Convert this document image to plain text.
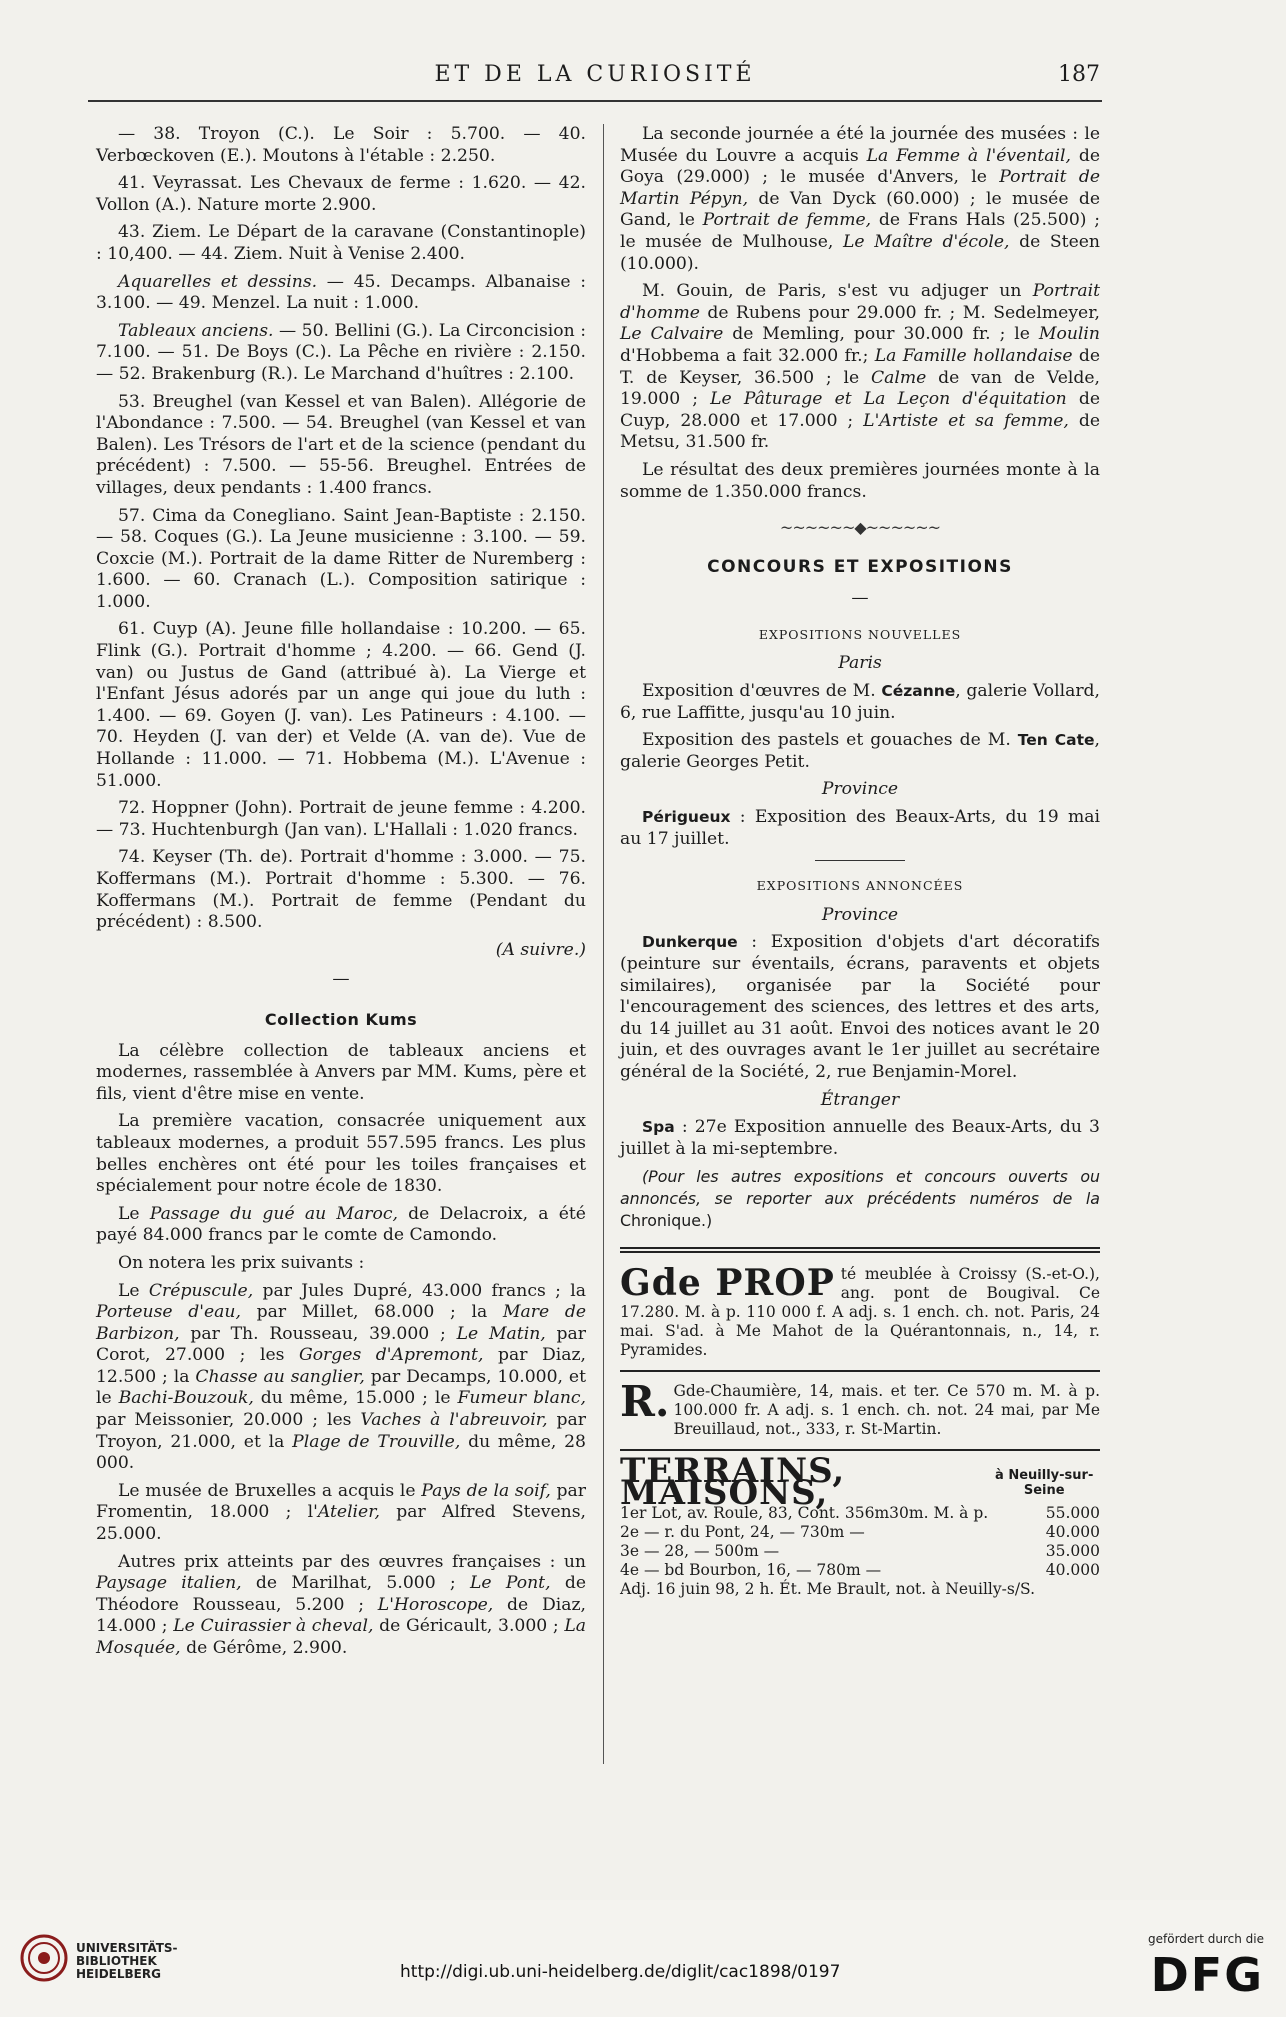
ET DE LA CURIOSITÉ	187

— 38. Troyon (C.). Le Soir : 5.700. — 40. Verbœckoven (E.). Moutons à l'étable : 2.250.

41. Veyrassat. Les Chevaux de ferme : 1.620. — 42. Vollon (A.). Nature morte 2.900.

43. Ziem. Le Départ de la caravane (Constantinople) : 10,400. — 44. Ziem. Nuit à Venise 2.400.

Aquarelles et dessins. — 45. Decamps. Albanaise : 3.100. — 49. Menzel. La nuit : 1.000.

Tableaux anciens. — 50. Bellini (G.). La Circoncision : 7.100. — 51. De Boys (C.). La Pêche en rivière : 2.150. — 52. Brakenburg (R.). Le Marchand d'huîtres : 2.100.

53. Breughel (van Kessel et van Balen). Allégorie de l'Abondance : 7.500. — 54. Breughel (van Kessel et van Balen). Les Trésors de l'art et de la science (pendant du précédent) : 7.500. — 55-56. Breughel. Entrées de villages, deux pendants : 1.400 francs.

57. Cima da Conegliano. Saint Jean-Baptiste : 2.150. — 58. Coques (G.). La Jeune musicienne : 3.100. — 59. Coxcie (M.). Portrait de la dame Ritter de Nuremberg : 1.600. — 60. Cranach (L.). Composition satirique : 1.000.

61. Cuyp (A). Jeune fille hollandaise : 10.200. — 65. Flink (G.). Portrait d'homme ; 4.200. — 66. Gend (J. van) ou Justus de Gand (attribué à). La Vierge et l'Enfant Jésus adorés par un ange qui joue du luth : 1.400. — 69. Goyen (J. van). Les Patineurs : 4.100. — 70. Heyden (J. van der) et Velde (A. van de). Vue de Hollande : 11.000. — 71. Hobbema (M.). L'Avenue : 51.000.

72. Hoppner (John). Portrait de jeune femme : 4.200. — 73. Huchtenburgh (Jan van). L'Hallali : 1.020 francs.

74. Keyser (Th. de). Portrait d'homme : 3.000. — 75. Koffermans (M.). Portrait d'homme : 5.300. — 76. Koffermans (M.). Portrait de femme (Pendant du précédent) : 8.500.

(A suivre.)

—
Collection Kums

La célèbre collection de tableaux anciens et modernes, rassemblée à Anvers par MM. Kums, père et fils, vient d'être mise en vente.

La première vacation, consacrée uniquement aux tableaux modernes, a produit 557.595 francs. Les plus belles enchères ont été pour les toiles françaises et spécialement pour notre école de 1830.

Le Passage du gué au Maroc, de Delacroix, a été payé 84.000 francs par le comte de Camondo.

On notera les prix suivants :

Le Crépuscule, par Jules Dupré, 43.000 francs ; la Porteuse d'eau, par Millet, 68.000 ; la Mare de Barbizon, par Th. Rousseau, 39.000 ; Le Matin, par Corot, 27.000 ; les Gorges d'Apremont, par Diaz, 12.500 ; la Chasse au sanglier, par Decamps, 10.000, et le Bachi-Bouzouk, du même, 15.000 ; le Fumeur blanc, par Meissonier, 20.000 ; les Vaches à l'abreuvoir, par Troyon, 21.000, et la Plage de Trouville, du même, 28 000.

Le musée de Bruxelles a acquis le Pays de la soif, par Fromentin, 18.000 ; l'Atelier, par Alfred Stevens, 25.000.

Autres prix atteints par des œuvres françaises : un Paysage italien, de Marilhat, 5.000 ; Le Pont, de Théodore Rousseau, 5.200 ; L'Horoscope, de Diaz, 14.000 ; Le Cuirassier à cheval, de Géricault, 3.000 ; La Mosquée, de Gérôme, 2.900.

La seconde journée a été la journée des musées : le Musée du Louvre a acquis La Femme à l'éventail, de Goya (29.000) ; le musée d'Anvers, le Portrait de Martin Pépyn, de Van Dyck (60.000) ; le musée de Gand, le Portrait de femme, de Frans Hals (25.500) ; le musée de Mulhouse, Le Maître d'école, de Steen (10.000).

M. Gouin, de Paris, s'est vu adjuger un Portrait d'homme de Rubens pour 29.000 fr. ; M. Sedelmeyer, Le Calvaire de Memling, pour 30.000 fr. ; le Moulin d'Hobbema a fait 32.000 fr.; La Famille hollandaise de T. de Keyser, 36.500 ; le Calme de van de Velde, 19.000 ; Le Pâturage et La Leçon d'équitation de Cuyp, 28.000 et 17.000 ; L'Artiste et sa femme, de Metsu, 31.500 fr.

Le résultat des deux premières journées monte à la somme de 1.350.000 francs.

~~~~~~◆~~~~~~
CONCOURS ET EXPOSITIONS
—
EXPOSITIONS NOUVELLES
Paris

Exposition d'œuvres de M. Cézanne, galerie Vollard, 6, rue Laffitte, jusqu'au 10 juin.

Exposition des pastels et gouaches de M. Ten Cate, galerie Georges Petit.

Province

Périgueux : Exposition des Beaux-Arts, du 19 mai au 17 juillet.

EXPOSITIONS ANNONCÉES
Province

Dunkerque : Exposition d'objets d'art décoratifs (peinture sur éventails, écrans, paravents et objets similaires), organisée par la Société pour l'encouragement des sciences, des lettres et des arts, du 14 juillet au 31 août. Envoi des notices avant le 20 juin, et des ouvrages avant le 1er juillet au secrétaire général de la Société, 2, rue Benjamin-Morel.

Étranger

Spa : 27e Exposition annuelle des Beaux-Arts, du 3 juillet à la mi-septembre.

(Pour les autres expositions et concours ouverts ou annoncés, se reporter aux précédents numéros de la Chronique.)

Gde PROP té meublée à Croissy (S.-et-O.), ang. pont de Bougival. Ce 17.280. M. à p. 110 000 f. A adj. s. 1 ench. ch. not. Paris, 24 mai. S'ad. à Me Mahot de la Quérantonnais, n., 14, r. Pyramides.
R. Gde-Chaumière, 14, mais. et ter. Ce 570 m. M. à p. 100.000 fr. A adj. s. 1 ench. ch. not. 24 mai, par Me Breuillaud, not., 333, r. St-Martin.
TERRAINS, MAISONS,	à Neuilly-sur-Seine
1er Lot, av. Roule, 83, Cont. 356m30m. M. à p.	55.000
2e — r. du Pont, 24, — 730m —	40.000
3e — 28, — 500m —	35.000
4e — bd Bourbon, 16, — 780m —	40.000
Adj. 16 juin 98, 2 h. Ét. Me Brault, not. à Neuilly-s/S.
UNIVERSITÄTS-
BIBLIOTHEK
HEIDELBERG	http://digi.ub.uni-heidelberg.de/diglit/cac1898/0197
gefördert durch die
DFG
